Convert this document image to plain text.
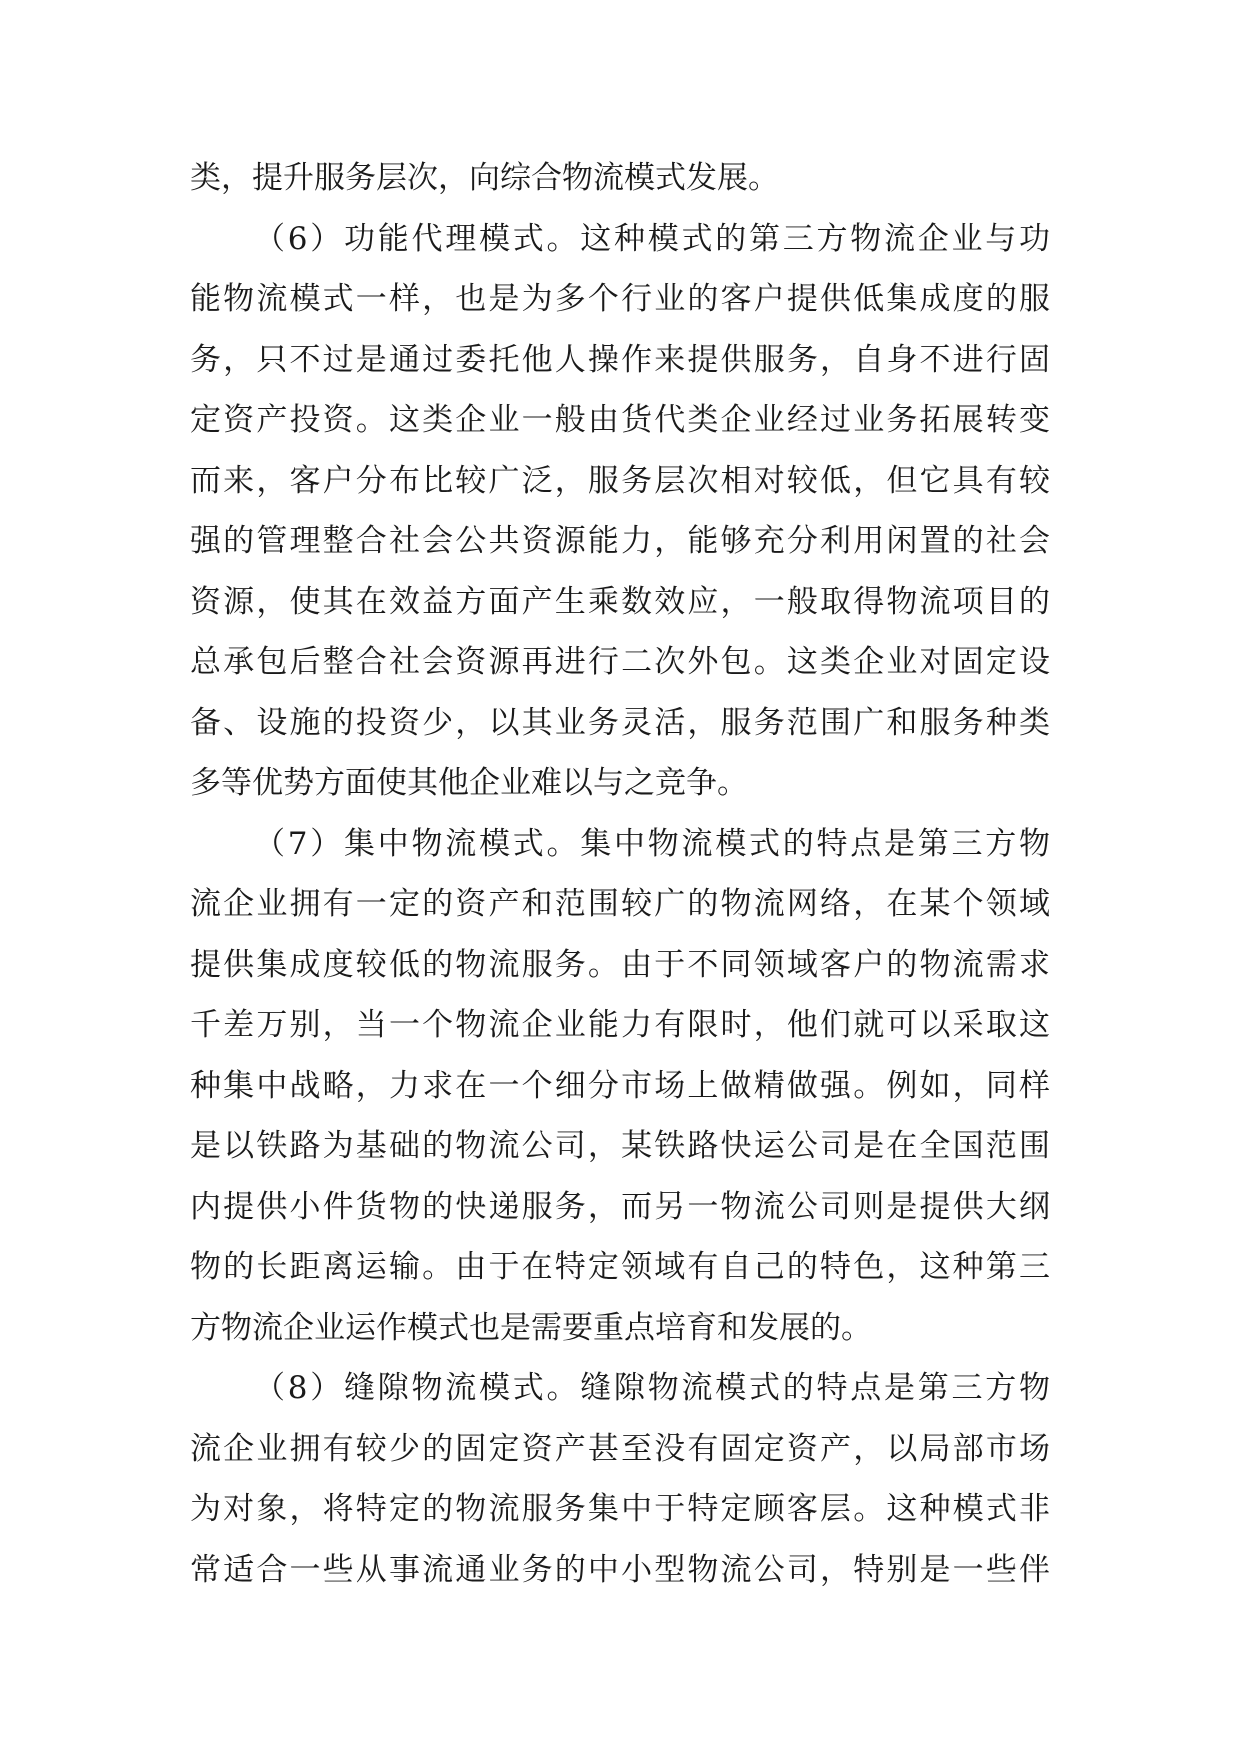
类，提升服务层次，向综合物流模式发展。
（6）功能代理模式。这种模式的第三方物流企业与功
能物流模式一样，也是为多个行业的客户提供低集成度的服
务，只不过是通过委托他人操作来提供服务，自身不进行固
定资产投资。这类企业一般由货代类企业经过业务拓展转变
而来，客户分布比较广泛，服务层次相对较低，但它具有较
强的管理整合社会公共资源能力，能够充分利用闲置的社会
资源，使其在效益方面产生乘数效应，一般取得物流项目的
总承包后整合社会资源再进行二次外包。这类企业对固定设
备、设施的投资少，以其业务灵活，服务范围广和服务种类
多等优势方面使其他企业难以与之竞争。
（7）集中物流模式。集中物流模式的特点是第三方物
流企业拥有一定的资产和范围较广的物流网络，在某个领域
提供集成度较低的物流服务。由于不同领域客户的物流需求
千差万别，当一个物流企业能力有限时，他们就可以采取这
种集中战略，力求在一个细分市场上做精做强。例如，同样
是以铁路为基础的物流公司，某铁路快运公司是在全国范围
内提供小件货物的快递服务，而另一物流公司则是提供大纲
物的长距离运输。由于在特定领域有自己的特色，这种第三
方物流企业运作模式也是需要重点培育和发展的。
（8）缝隙物流模式。缝隙物流模式的特点是第三方物
流企业拥有较少的固定资产甚至没有固定资产，以局部市场
为对象，将特定的物流服务集中于特定顾客层。这种模式非
常适合一些从事流通业务的中小型物流公司，特别是一些伴
